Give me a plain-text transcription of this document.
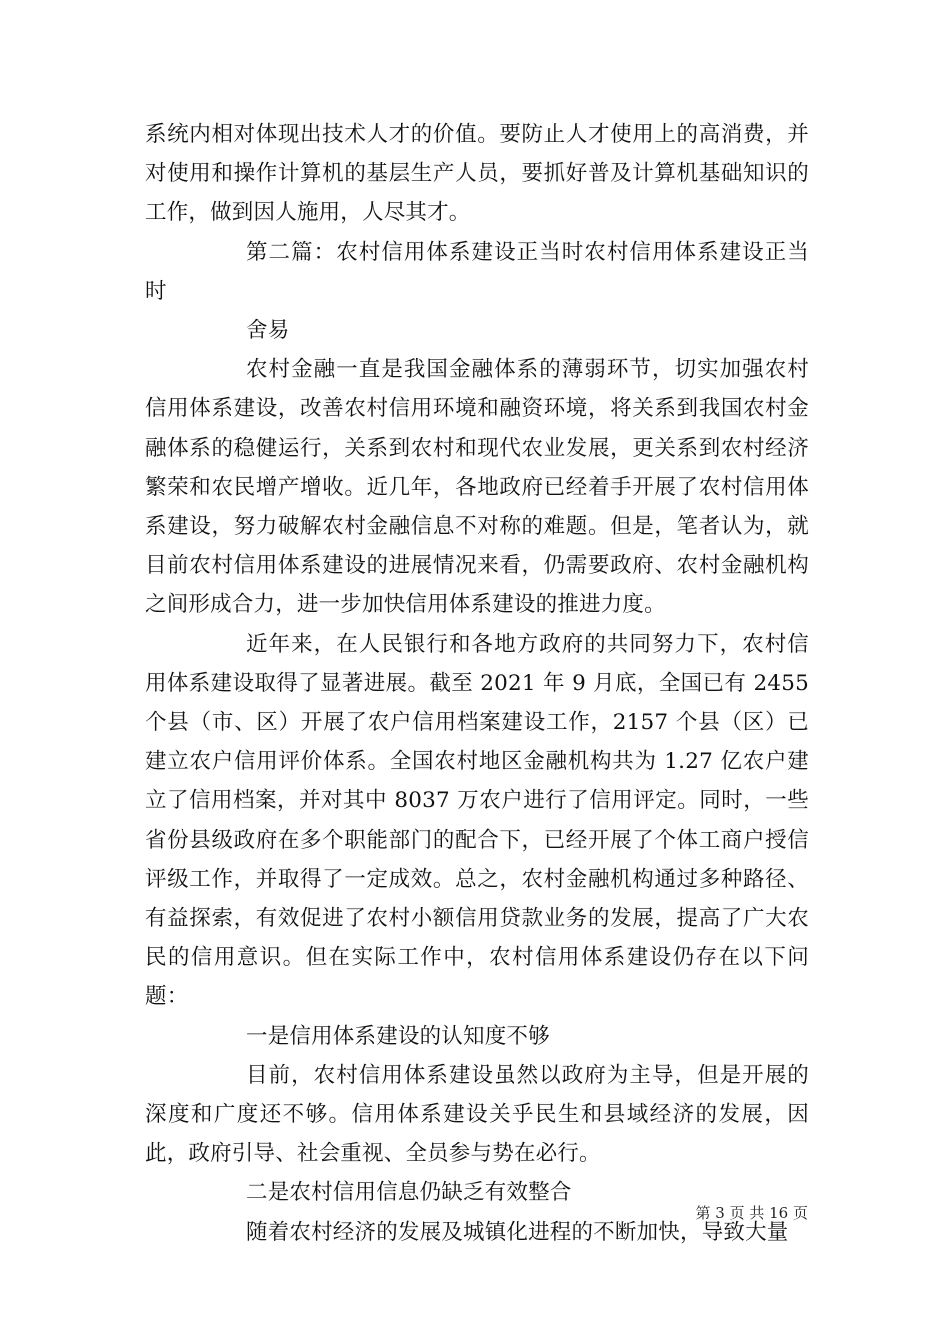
系统内相对体现出技术人才的价值。要防止人才使用上的高消费，并对使用和操作计算机的基层生产人员，要抓好普及计算机基础知识的工作，做到因人施用，人尽其才。

第二篇：农村信用体系建设正当时农村信用体系建设正当时

舍易

农村金融一直是我国金融体系的薄弱环节，切实加强农村信用体系建设，改善农村信用环境和融资环境，将关系到我国农村金融体系的稳健运行，关系到农村和现代农业发展，更关系到农村经济繁荣和农民增产增收。近几年，各地政府已经着手开展了农村信用体系建设，努力破解农村金融信息不对称的难题。但是，笔者认为，就目前农村信用体系建设的进展情况来看，仍需要政府、农村金融机构之间形成合力，进一步加快信用体系建设的推进力度。

近年来，在人民银行和各地方政府的共同努力下，农村信用体系建设取得了显著进展。截至 2021 年 9 月底，全国已有 2455个县（市、区）开展了农户信用档案建设工作，2157 个县（区）已建立农户信用评价体系。全国农村地区金融机构共为 1.27 亿农户建立了信用档案，并对其中 8037 万农户进行了信用评定。同时，一些省份县级政府在多个职能部门的配合下，已经开展了个体工商户授信评级工作，并取得了一定成效。总之，农村金融机构通过多种路径、有益探索，有效促进了农村小额信用贷款业务的发展，提高了广大农民的信用意识。但在实际工作中，农村信用体系建设仍存在以下问题：

一是信用体系建设的认知度不够

目前，农村信用体系建设虽然以政府为主导，但是开展的深度和广度还不够。信用体系建设关乎民生和县域经济的发展，因此，政府引导、社会重视、全员参与势在必行。

二是农村信用信息仍缺乏有效整合

随着农村经济的发展及城镇化进程的不断加快，导致大量

第 3 页 共 16 页
